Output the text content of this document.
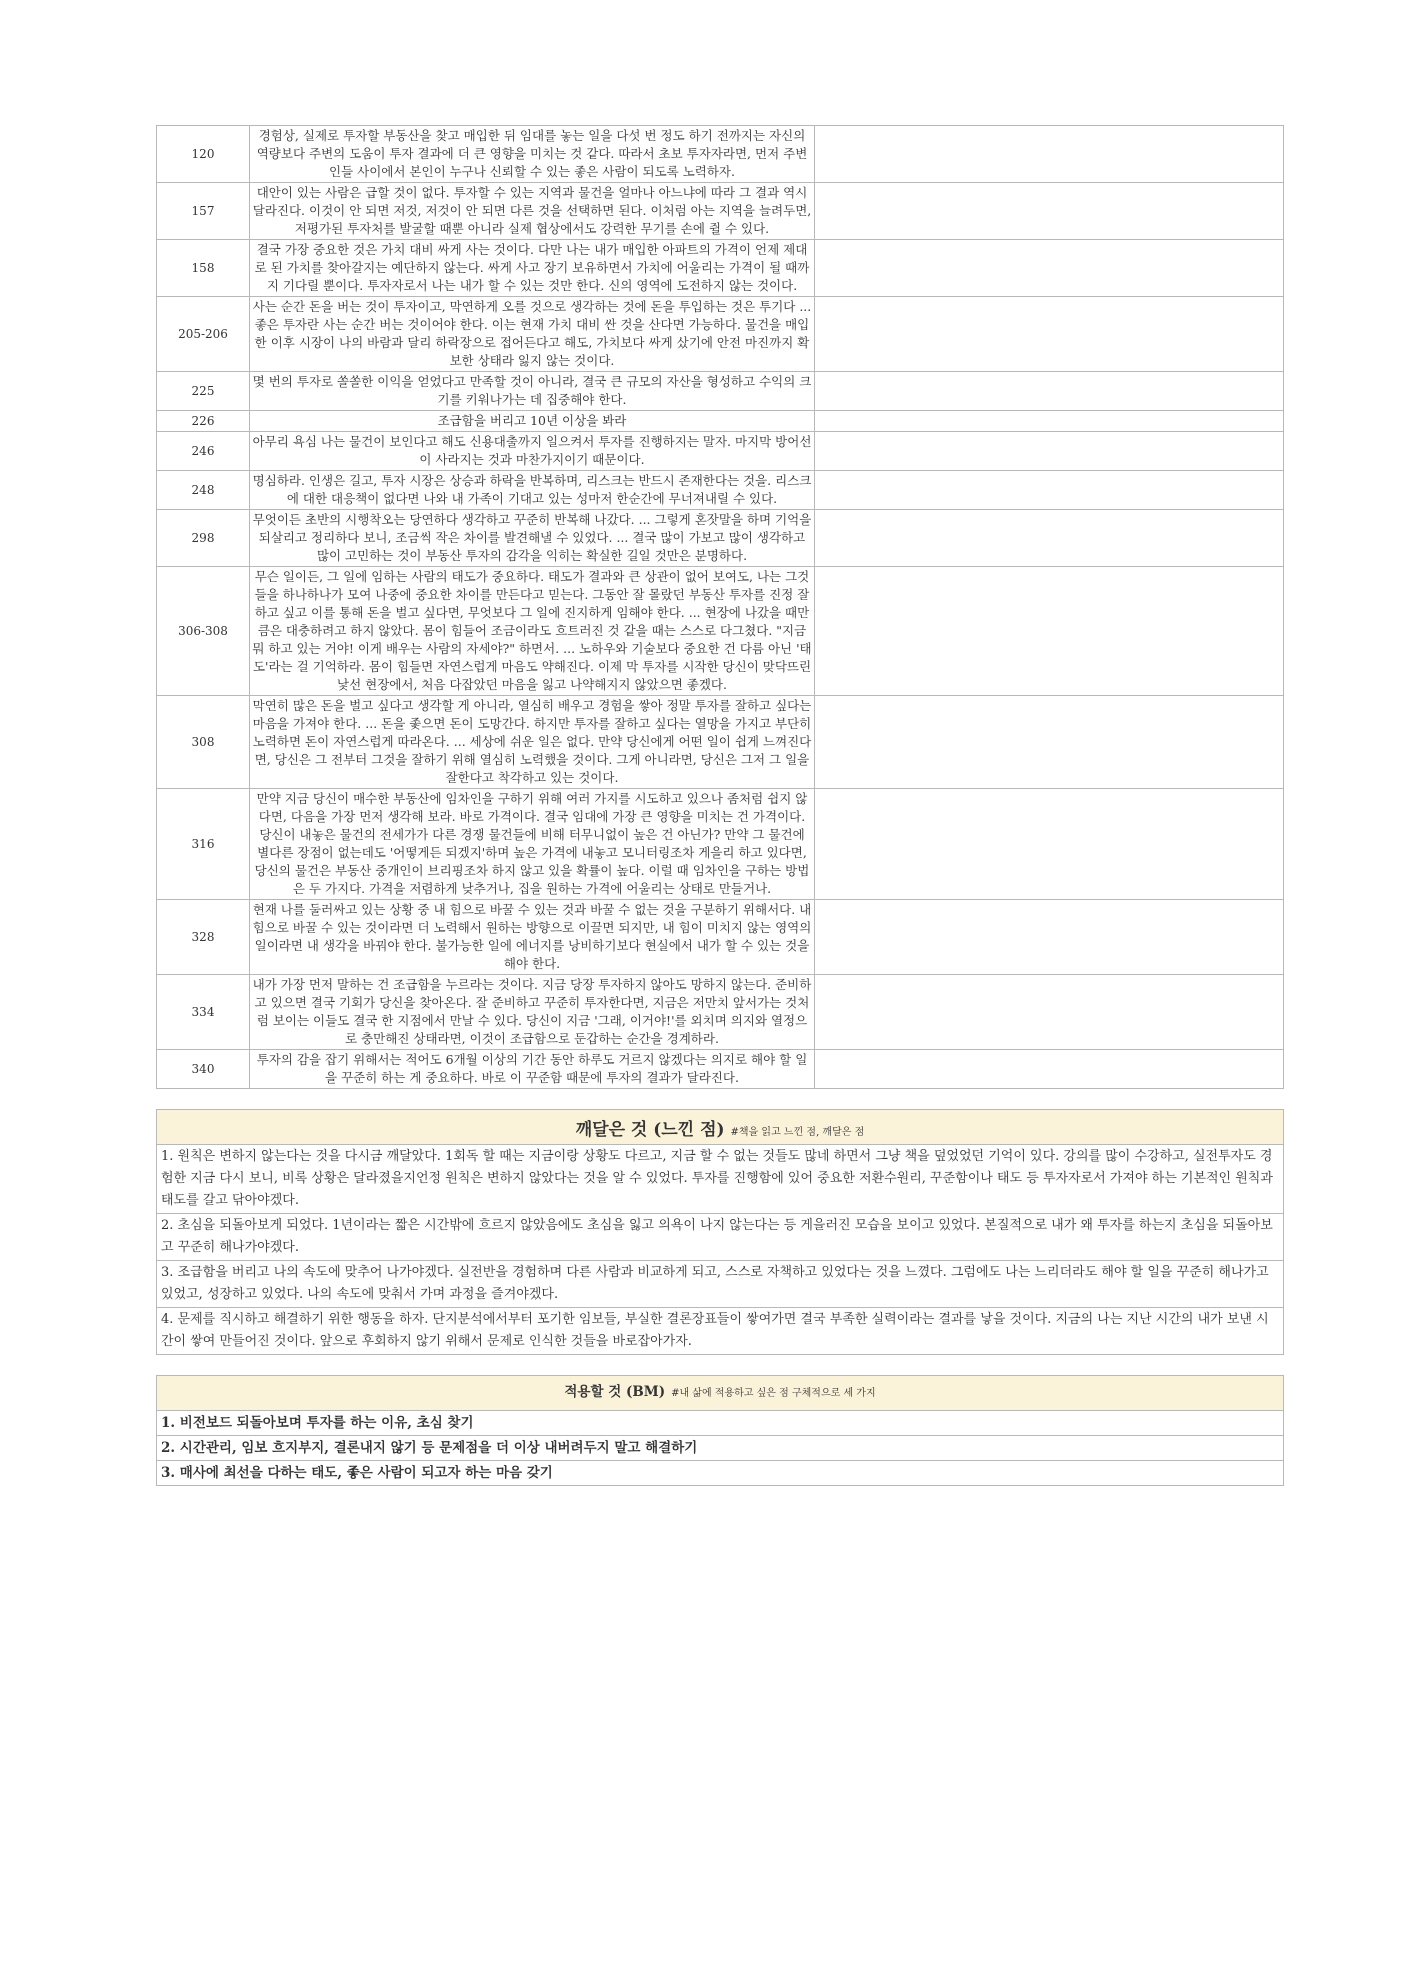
120	경험상, 실제로 투자할 부동산을 찾고 매입한 뒤 임대를 놓는 일을 다섯 번 정도 하기 전까지는 자신의 역량보다 주변의 도움이 투자 결과에 더 큰 영향을 미치는 것 같다. 따라서 초보 투자자라면, 먼저 주변인들 사이에서 본인이 누구나 신뢰할 수 있는 좋은 사람이 되도록 노력하자.	
157	대안이 있는 사람은 급할 것이 없다. 투자할 수 있는 지역과 물건을 얼마나 아느냐에 따라 그 결과 역시 달라진다. 이것이 안 되면 저것, 저것이 안 되면 다른 것을 선택하면 된다. 이처럼 아는 지역을 늘려두면, 저평가된 투자처를 발굴할 때뿐 아니라 실제 협상에서도 강력한 무기를 손에 쥘 수 있다.	
158	결국 가장 중요한 것은 가치 대비 싸게 사는 것이다. 다만 나는 내가 매입한 아파트의 가격이 언제 제대로 된 가치를 찾아갈지는 예단하지 않는다. 싸게 사고 장기 보유하면서 가치에 어울리는 가격이 될 때까지 기다릴 뿐이다. 투자자로서 나는 내가 할 수 있는 것만 한다. 신의 영역에 도전하지 않는 것이다.	
205-206	사는 순간 돈을 버는 것이 투자이고, 막연하게 오를 것으로 생각하는 것에 돈을 투입하는 것은 투기다 ... 좋은 투자란 사는 순간 버는 것이어야 한다. 이는 현재 가치 대비 싼 것을 산다면 가능하다. 물건을 매입한 이후 시장이 나의 바람과 달리 하락장으로 접어든다고 해도, 가치보다 싸게 샀기에 안전 마진까지 확보한 상태라 잃지 않는 것이다.	
225	몇 번의 투자로 쏠쏠한 이익을 얻었다고 만족할 것이 아니라, 결국 큰 규모의 자산을 형성하고 수익의 크기를 키워나가는 데 집중해야 한다.	
226	조급함을 버리고 10년 이상을 봐라	
246	아무리 욕심 나는 물건이 보인다고 해도 신용대출까지 일으켜서 투자를 진행하지는 말자. 마지막 방어선이 사라지는 것과 마찬가지이기 때문이다.	
248	명심하라. 인생은 길고, 투자 시장은 상승과 하락을 반복하며, 리스크는 반드시 존재한다는 것을. 리스크에 대한 대응책이 없다면 나와 내 가족이 기대고 있는 성마저 한순간에 무너져내릴 수 있다.	
298	무엇이든 초반의 시행착오는 당연하다 생각하고 꾸준히 반복해 나갔다. ... 그렇게 혼잣말을 하며 기억을 되살리고 정리하다 보니, 조금씩 작은 차이를 발견해낼 수 있었다. ... 결국 많이 가보고 많이 생각하고 많이 고민하는 것이 부동산 투자의 감각을 익히는 확실한 길일 것만은 분명하다.	
306-308	무슨 일이든, 그 일에 임하는 사람의 태도가 중요하다. 태도가 결과와 큰 상관이 없어 보여도, 나는 그것들을 하나하나가 모여 나중에 중요한 차이를 만든다고 믿는다. 그동안 잘 몰랐던 부동산 투자를 진정 잘하고 싶고 이를 통해 돈을 벌고 싶다면, 무엇보다 그 일에 진지하게 임해야 한다. ... 현장에 나갔을 때만큼은 대충하려고 하지 않았다. 몸이 힘들어 조금이라도 흐트러진 것 같을 때는 스스로 다그쳤다. "지금 뭐 하고 있는 거야! 이게 배우는 사람의 자세야?" 하면서. ... 노하우와 기술보다 중요한 건 다름 아닌 '태도'라는 걸 기억하라. 몸이 힘들면 자연스럽게 마음도 약해진다. 이제 막 투자를 시작한 당신이 맞닥뜨린 낯선 현장에서, 처음 다잡았던 마음을 잃고 나약해지지 않았으면 좋겠다.	
308	막연히 많은 돈을 벌고 싶다고 생각할 게 아니라, 열심히 배우고 경험을 쌓아 정말 투자를 잘하고 싶다는 마음을 가져야 한다. ... 돈을 좇으면 돈이 도망간다. 하지만 투자를 잘하고 싶다는 열망을 가지고 부단히 노력하면 돈이 자연스럽게 따라온다. ... 세상에 쉬운 일은 없다. 만약 당신에게 어떤 일이 쉽게 느껴진다면, 당신은 그 전부터 그것을 잘하기 위해 열심히 노력했을 것이다. 그게 아니라면, 당신은 그저 그 일을 잘한다고 착각하고 있는 것이다.	
316	만약 지금 당신이 매수한 부동산에 임차인을 구하기 위해 여러 가지를 시도하고 있으나 좀처럼 쉽지 않다면, 다음을 가장 먼저 생각해 보라. 바로 가격이다. 결국 임대에 가장 큰 영향을 미치는 건 가격이다. 당신이 내놓은 물건의 전세가가 다른 경쟁 물건들에 비해 터무니없이 높은 건 아닌가? 만약 그 물건에 별다른 장점이 없는데도 '어떻게든 되겠지'하며 높은 가격에 내놓고 모니터링조차 게을리 하고 있다면, 당신의 물건은 부동산 중개인이 브리핑조차 하지 않고 있을 확률이 높다. 이럴 때 임차인을 구하는 방법은 두 가지다. 가격을 저렴하게 낮추거나, 집을 원하는 가격에 어울리는 상태로 만들거나.	
328	현재 나를 둘러싸고 있는 상황 중 내 힘으로 바꿀 수 있는 것과 바꿀 수 없는 것을 구분하기 위해서다. 내 힘으로 바꿀 수 있는 것이라면 더 노력해서 원하는 방향으로 이끌면 되지만, 내 힘이 미치지 않는 영역의 일이라면 내 생각을 바꿔야 한다. 불가능한 일에 에너지를 낭비하기보다 현실에서 내가 할 수 있는 것을 해야 한다.	
334	내가 가장 먼저 말하는 건 조급함을 누르라는 것이다. 지금 당장 투자하지 않아도 망하지 않는다. 준비하고 있으면 결국 기회가 당신을 찾아온다. 잘 준비하고 꾸준히 투자한다면, 지금은 저만치 앞서가는 것처럼 보이는 이들도 결국 한 지점에서 만날 수 있다. 당신이 지금 '그래, 이거야!'를 외치며 의지와 열정으로 충만해진 상태라면, 이것이 조급함으로 둔갑하는 순간을 경계하라.	
340	투자의 감을 잡기 위해서는 적어도 6개월 이상의 기간 동안 하루도 거르지 않겠다는 의지로 해야 할 일을 꾸준히 하는 게 중요하다. 바로 이 꾸준함 때문에 투자의 결과가 달라진다.	
깨달은 것 (느낀 점) #책을 읽고 느낀 점, 깨달은 점
1. 원칙은 변하지 않는다는 것을 다시금 깨달았다. 1회독 할 때는 지금이랑 상황도 다르고, 지금 할 수 없는 것들도 많네 하면서 그냥 책을 덮었었던 기억이 있다. 강의를 많이 수강하고, 실전투자도 경험한 지금 다시 보니, 비록 상황은 달라졌을지언정 원칙은 변하지 않았다는 것을 알 수 있었다. 투자를 진행함에 있어 중요한 저환수원리, 꾸준함이나 태도 등 투자자로서 가져야 하는 기본적인 원칙과 태도를 갈고 닦아야겠다.
2. 초심을 되돌아보게 되었다. 1년이라는 짧은 시간밖에 흐르지 않았음에도 초심을 잃고 의욕이 나지 않는다는 등 게을러진 모습을 보이고 있었다. 본질적으로 내가 왜 투자를 하는지 초심을 되돌아보고 꾸준히 해나가야겠다.
3. 조급함을 버리고 나의 속도에 맞추어 나가야겠다. 실전반을 경험하며 다른 사람과 비교하게 되고, 스스로 자책하고 있었다는 것을 느꼈다. 그럼에도 나는 느리더라도 해야 할 일을 꾸준히 해나가고 있었고, 성장하고 있었다. 나의 속도에 맞춰서 가며 과정을 즐겨야겠다.
4. 문제를 직시하고 해결하기 위한 행동을 하자. 단지분석에서부터 포기한 임보들, 부실한 결론장표들이 쌓여가면 결국 부족한 실력이라는 결과를 낳을 것이다. 지금의 나는 지난 시간의 내가 보낸 시간이 쌓여 만들어진 것이다. 앞으로 후회하지 않기 위해서 문제로 인식한 것들을 바로잡아가자.
적용할 것 (BM) #내 삶에 적용하고 싶은 점 구체적으로 세 가지
1. 비전보드 되돌아보며 투자를 하는 이유, 초심 찾기
2. 시간관리, 임보 흐지부지, 결론내지 않기 등 문제점을 더 이상 내버려두지 말고 해결하기
3. 매사에 최선을 다하는 태도, 좋은 사람이 되고자 하는 마음 갖기
